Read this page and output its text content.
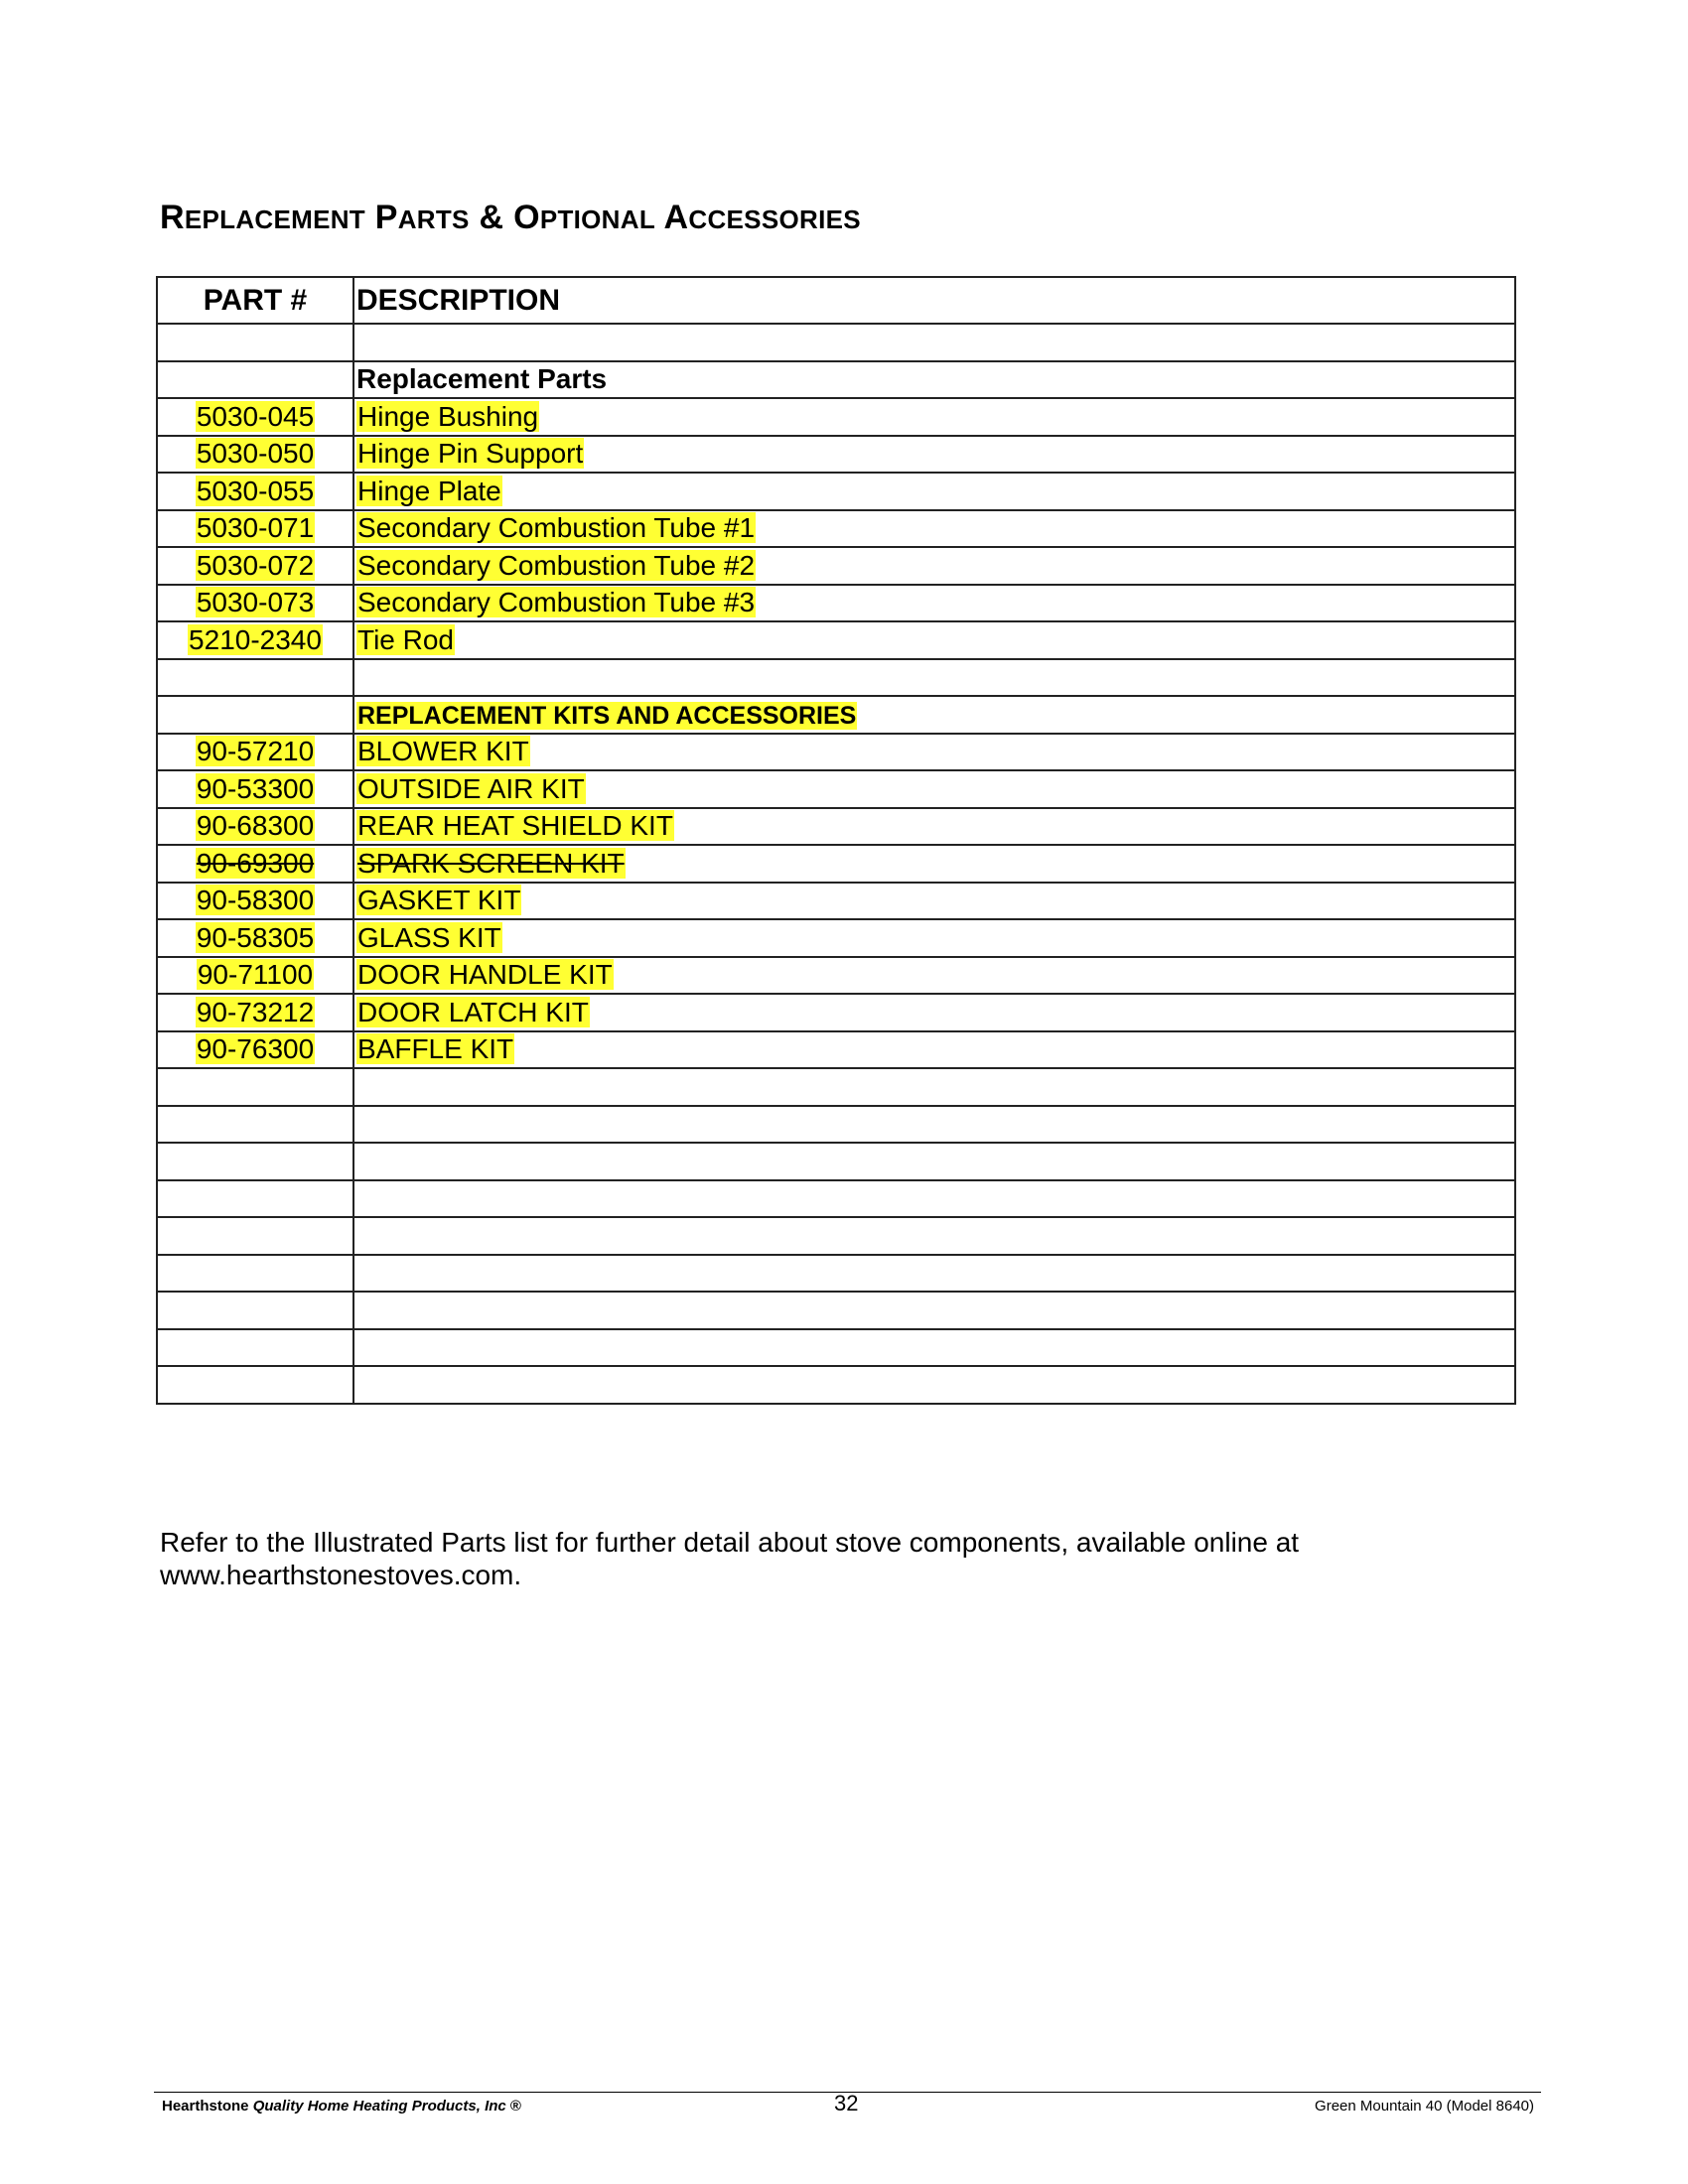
REPLACEMENT PARTS & OPTIONAL ACCESSORIES
PART #	DESCRIPTION

	Replacement Parts
5030-045	Hinge Bushing
5030-050	Hinge Pin Support
5030-055	Hinge Plate
5030-071	Secondary Combustion Tube #1
5030-072	Secondary Combustion Tube #2
5030-073	Secondary Combustion Tube #3
5210-2340	Tie Rod

	REPLACEMENT KITS AND ACCESSORIES
90-57210	BLOWER KIT
90-53300	OUTSIDE AIR KIT
90-68300	REAR HEAT SHIELD KIT
90-69300	SPARK SCREEN KIT
90-58300	GASKET KIT
90-58305	GLASS KIT
90-71100	DOOR HANDLE KIT
90-73212	DOOR LATCH KIT
90-76300	BAFFLE KIT

Refer to the Illustrated Parts list for further detail about stove components, available online at www.hearthstonestoves.com.
Hearthstone Quality Home Heating Products, Inc ®	32	Green Mountain 40 (Model 8640)
